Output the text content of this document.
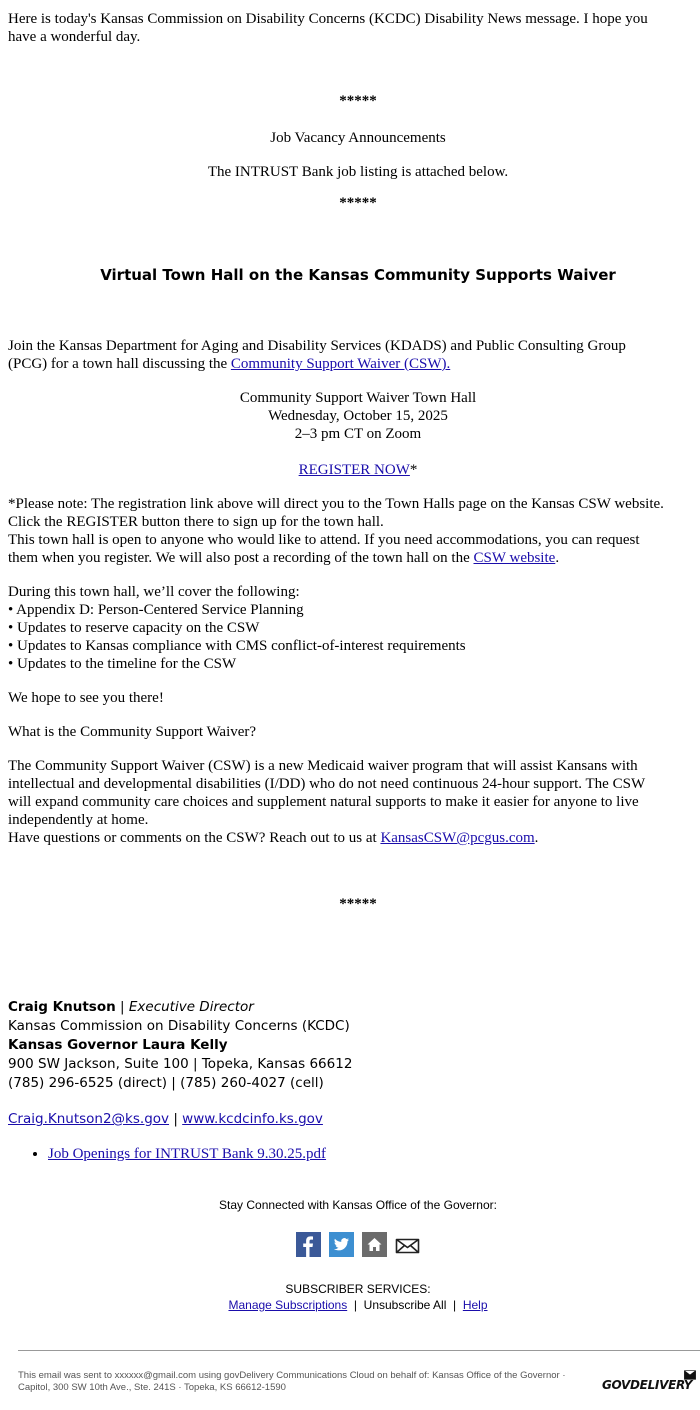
Here is today's Kansas Commission on Disability Concerns (KCDC) Disability News message. I hope you
have a wonderful day.
*****
Job Vacancy Announcements
The INTRUST Bank job listing is attached below.
*****
Virtual Town Hall on the Kansas Community Supports Waiver
Join the Kansas Department for Aging and Disability Services (KDADS) and Public Consulting Group
(PCG) for a town hall discussing the Community Support Waiver (CSW).
Community Support Waiver Town Hall
Wednesday, October 15, 2025
2–3 pm CT on Zoom
REGISTER NOW*
*Please note: The registration link above will direct you to the Town Halls page on the Kansas CSW website.
Click the REGISTER button there to sign up for the town hall.
This town hall is open to anyone who would like to attend. If you need accommodations, you can request
them when you register. We will also post a recording of the town hall on the CSW website.
During this town hall, we’ll cover the following:
• Appendix D: Person-Centered Service Planning
• Updates to reserve capacity on the CSW
• Updates to Kansas compliance with CMS conflict-of-interest requirements
• Updates to the timeline for the CSW
We hope to see you there!
What is the Community Support Waiver?
The Community Support Waiver (CSW) is a new Medicaid waiver program that will assist Kansans with
intellectual and developmental disabilities (I/DD) who do not need continuous 24-hour support. The CSW
will expand community care choices and supplement natural supports to make it easier for anyone to live
independently at home.
Have questions or comments on the CSW? Reach out to us at KansasCSW@pcgus.com.
*****
Craig Knutson | Executive Director
Kansas Commission on Disability Concerns (KCDC)
Kansas Governor Laura Kelly
900 SW Jackson, Suite 100 | Topeka, Kansas 66612
(785) 296-6525 (direct) | (785) 260-4027 (cell)
Craig.Knutson2@ks.gov | www.kcdcinfo.ks.gov
• Job Openings for INTRUST Bank 9.30.25.pdf
Stay Connected with Kansas Office of the Governor:

SUBSCRIBER SERVICES:
Manage Subscriptions  |  Unsubscribe All  |  Help
This email was sent to xxxxxx@gmail.com using govDelivery Communications Cloud on behalf of: Kansas Office of the Governor ·
Capitol, 300 SW 10th Ave., Ste. 241S · Topeka, KS 66612-1590	GOVDELIVERY
